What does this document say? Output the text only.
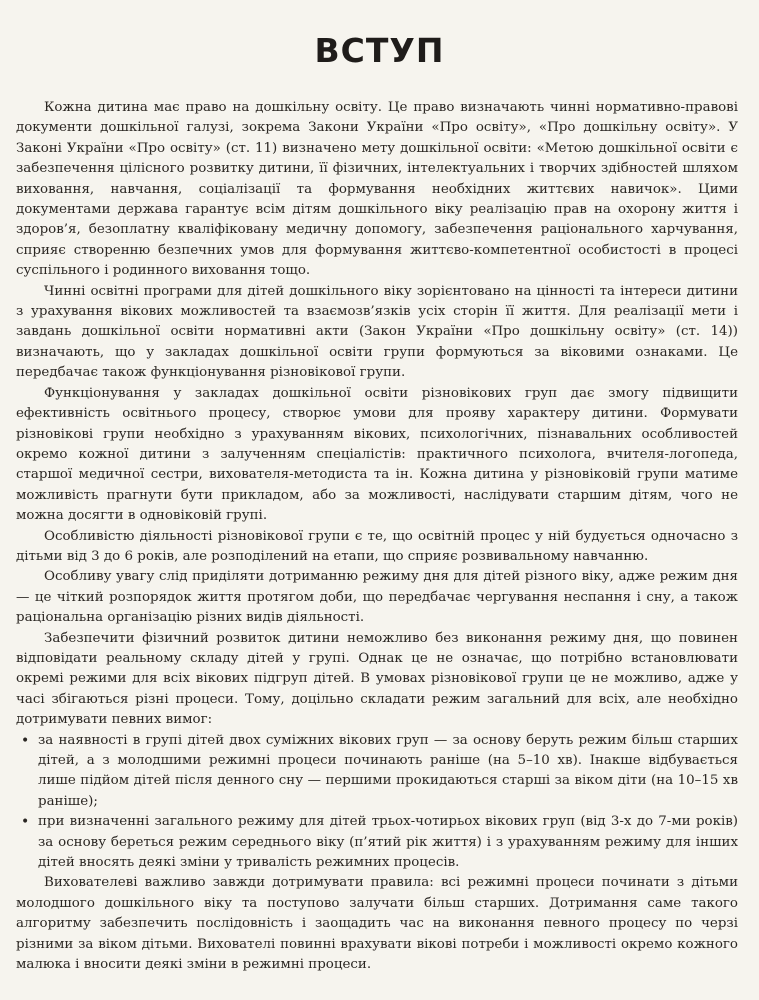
ВСТУП

Кожна дитина має право на дошкільну освіту. Це право визначають чинні нормативно-правові документи дошкільної галузі, зокрема Закони України «Про освіту», «Про дошкільну освіту». У Законі України «Про освіту» (ст. 11) визначено мету дошкільної освіти: «Метою дошкільної освіти є забезпечення цілісного розвитку дитини, її фізичних, інтелектуальних і творчих здібностей шляхом виховання, навчання, соціалізації та формування необхідних життєвих навичок». Цими документами держава гарантує всім дітям дошкільного віку реалізацію прав на охорону життя і здоров’я, безоплатну кваліфіковану медичну допомогу, забезпечення раціонального харчування, сприяє створенню безпечних умов для формування життєво-компетентної особистості в процесі суспільного і родинного виховання тощо.

Чинні освітні програми для дітей дошкільного віку зорієнтовано на цінності та інтереси дитини з урахування вікових можливостей та взаємозв’язків усіх сторін її життя. Для реалізації мети і завдань дошкільної освіти нормативні акти (Закон України «Про дошкільну освіту» (ст. 14)) визначають, що у закладах дошкільної освіти групи формуються за віковими ознаками. Це передбачає також функціонування різновікової групи.

Функціонування у закладах дошкільної освіти різновікових груп дає змогу підвищити ефективність освітнього процесу, створює умови для прояву характеру дитини. Формувати різновікові групи необхідно з урахуванням вікових, психологічних, пізнавальних особливостей окремо кожної дитини з залученням спеціалістів: практичного психолога, вчителя-логопеда, старшої медичної сестри, вихователя-методиста та ін. Кожна дитина у різновіковій групи матиме можливість прагнути бути прикладом, або за можливості, наслідувати старшим дітям, чого не можна досягти в одновіковій групі.

Особливістю діяльності різновікової групи є те, що освітній процес у ній будується одночасно з дітьми від 3 до 6 років, але розподілений на етапи, що сприяє розвивальному навчанню.

Особливу увагу слід приділяти дотриманню режиму дня для дітей різного віку, адже режим дня — це чіткий розпорядок життя протягом доби, що передбачає чергування неспання і сну, а також раціональна організацію різних видів діяльності.

Забезпечити фізичний розвиток дитини неможливо без виконання режиму дня, що повинен відповідати реальному складу дітей у групі. Однак це не означає, що потрібно встановлювати окремі режими для всіх вікових підгруп дітей. В умовах різновікової групи це не можливо, адже у часі збігаються різні процеси. Тому, доцільно складати режим загальний для всіх, але необхідно дотримувати певних вимог:

• за наявності в групі дітей двох суміжних вікових груп — за основу беруть режим більш старших дітей, а з молодшими режимні процеси починають раніше (на 5–10 хв). Інакше відбувається лише підйом дітей після денного сну — першими прокидаються старші за віком діти (на 10–15 хв раніше);
• при визначенні загального режиму для дітей трьох-чотирьох вікових груп (від 3-х до 7-ми років) за основу береться режим середнього віку (п’ятий рік життя) і з урахуванням режиму для інших дітей вносять деякі зміни у тривалість режимних процесів.

Вихователеві важливо завжди дотримувати правила: всі режимні процеси починати з дітьми молодшого дошкільного віку та поступово залучати більш старших. Дотримання саме такого алгоритму забезпечить послідовність і заощадить час на виконання певного процесу по черзі різними за віком дітьми. Вихователі повинні врахувати вікові потреби і можливості окремо кожного малюка і вносити деякі зміни в режимні процеси.
